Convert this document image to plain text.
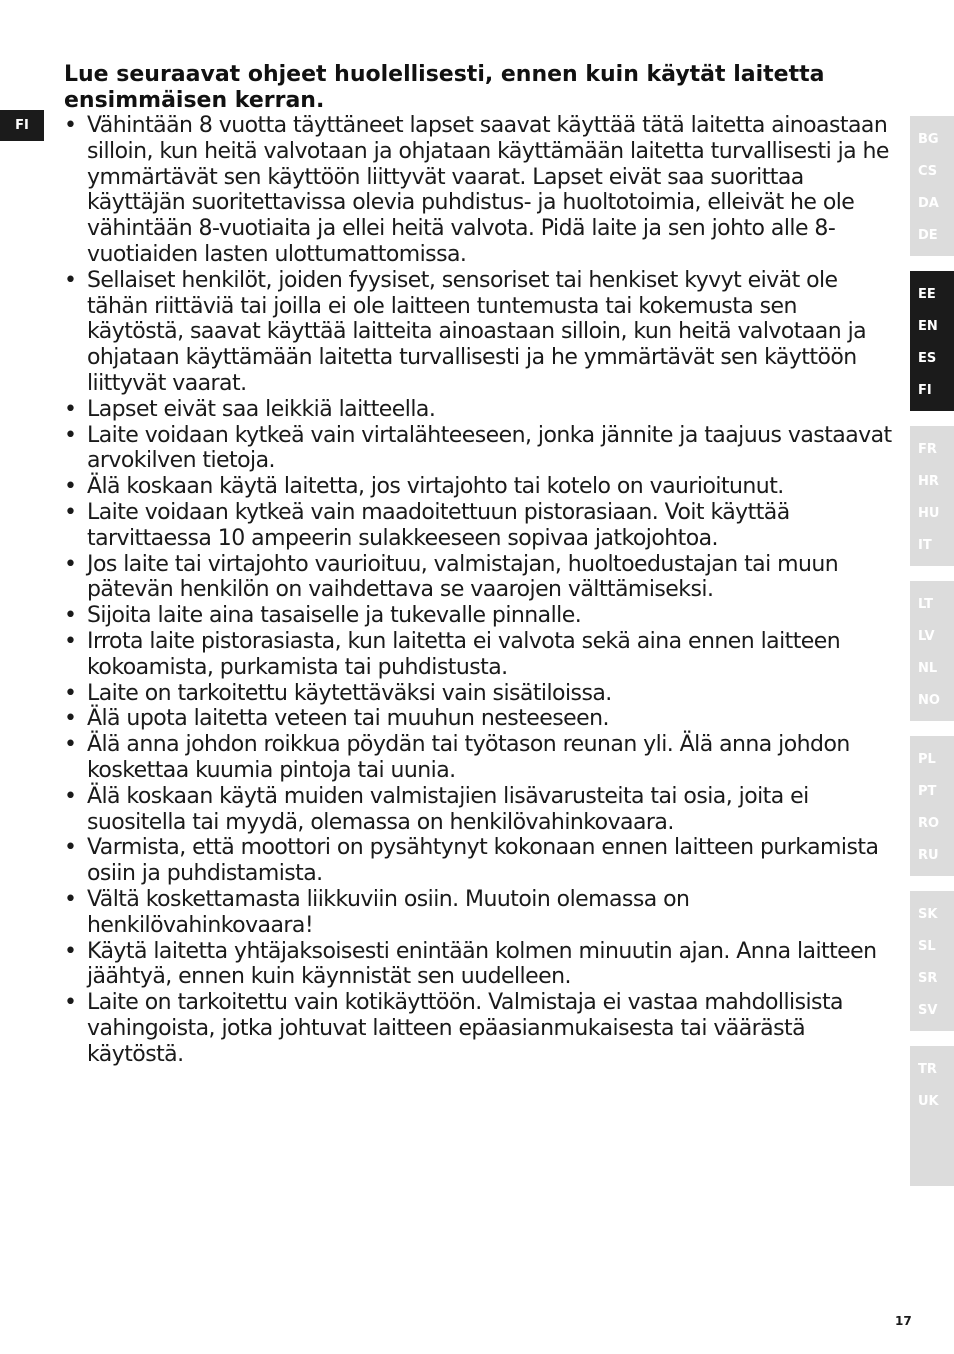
FI
Lue seuraavat ohjeet huolellisesti, ennen kuin käytät laitetta ensimmäisen kerran.
• Vähintään 8 vuotta täyttäneet lapset saavat käyttää tätä laitetta ainoastaan silloin, kun heitä valvotaan ja ohjataan käyttämään laitetta turvallisesti ja he ymmärtävät sen käyttöön liittyvät vaarat. Lapset eivät saa suorittaa käyttäjän suoritettavissa olevia puhdistus- ja huoltotoimia, elleivät he ole vähintään 8-vuotiaita ja ellei heitä valvota. Pidä laite ja sen johto alle 8-vuotiaiden lasten ulottumattomissa.
• Sellaiset henkilöt, joiden fyysiset, sensoriset tai henkiset kyvyt eivät ole tähän riittäviä tai joilla ei ole laitteen tuntemusta tai kokemusta sen käytöstä, saavat käyttää laitteita ainoastaan silloin, kun heitä valvotaan ja ohjataan käyttämään laitetta turvallisesti ja he ymmärtävät sen käyttöön liittyvät vaarat.
• Lapset eivät saa leikkiä laitteella.
• Laite voidaan kytkeä vain virtalähteeseen, jonka jännite ja taajuus vastaavat arvokilven tietoja.
• Älä koskaan käytä laitetta, jos virtajohto tai kotelo on vaurioitunut.
• Laite voidaan kytkeä vain maadoitettuun pistorasiaan. Voit käyttää tarvittaessa 10 ampeerin sulakkeeseen sopivaa jatkojohtoa.
• Jos laite tai virtajohto vaurioituu, valmistajan, huoltoedustajan tai muun pätevän henkilön on vaihdettava se vaarojen välttämiseksi.
• Sijoita laite aina tasaiselle ja tukevalle pinnalle.
• Irrota laite pistorasiasta, kun laitetta ei valvota sekä aina ennen laitteen kokoamista, purkamista tai puhdistusta.
• Laite on tarkoitettu käytettäväksi vain sisätiloissa.
• Älä upota laitetta veteen tai muuhun nesteeseen.
• Älä anna johdon roikkua pöydän tai työtason reunan yli. Älä anna johdon koskettaa kuumia pintoja tai uunia.
• Älä koskaan käytä muiden valmistajien lisävarusteita tai osia, joita ei suositella tai myydä, olemassa on henkilövahinkovaara.
• Varmista, että moottori on pysähtynyt kokonaan ennen laitteen purkamista osiin ja puhdistamista.
• Vältä koskettamasta liikkuviin osiin. Muutoin olemassa on henkilövahinkovaara!
• Käytä laitetta yhtäjaksoisesti enintään kolmen minuutin ajan. Anna laitteen jäähtyä, ennen kuin käynnistät sen uudelleen.
• Laite on tarkoitettu vain kotikäyttöön. Valmistaja ei vastaa mahdollisista vahingoista, jotka johtuvat laitteen epäasianmukaisesta tai väärästä käytöstä.
BG
CS
DA
DE
EE
EN
ES
FI
FR
HR
HU
IT
LT
LV
NL
NO
PL
PT
RO
RU
SK
SL
SR
SV
TR
UK
17
